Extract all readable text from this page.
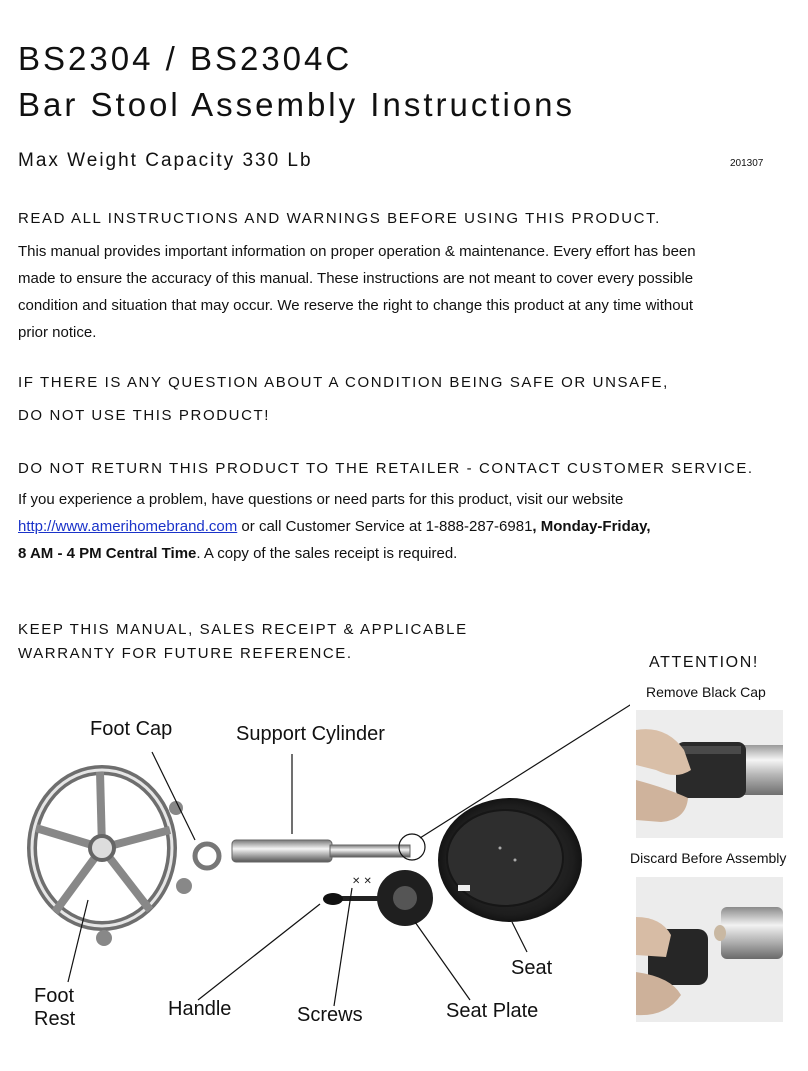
BS2304 / BS2304C
Bar Stool Assembly Instructions
Max Weight Capacity 330 Lb	201307
READ ALL INSTRUCTIONS AND WARNINGS BEFORE USING THIS PRODUCT.
This manual provides important information on proper operation & maintenance. Every effort has been
made to ensure the accuracy of this manual. These instructions are not meant to cover every possible
condition and situation that may occur. We reserve the right to change this product at any time without
prior notice.
IF THERE IS ANY QUESTION ABOUT A CONDITION BEING SAFE OR UNSAFE,
DO NOT USE THIS PRODUCT!
DO NOT RETURN THIS PRODUCT TO THE RETAILER - CONTACT CUSTOMER SERVICE.
If you experience a problem, have questions or need parts for this product, visit our website
http://www.amerihomebrand.com or call Customer Service at 1-888-287-6981, Monday-Friday,
8 AM - 4 PM Central Time. A copy of the sales receipt is required.
KEEP THIS MANUAL, SALES RECEIPT & APPLICABLE
WARRANTY FOR FUTURE REFERENCE.
ATTENTION!
Remove Black Cap
Discard Before Assembly
✕ ✕
Foot Cap	Support Cylinder
Foot
Rest	Handle	Screws	Seat Plate
Seat
